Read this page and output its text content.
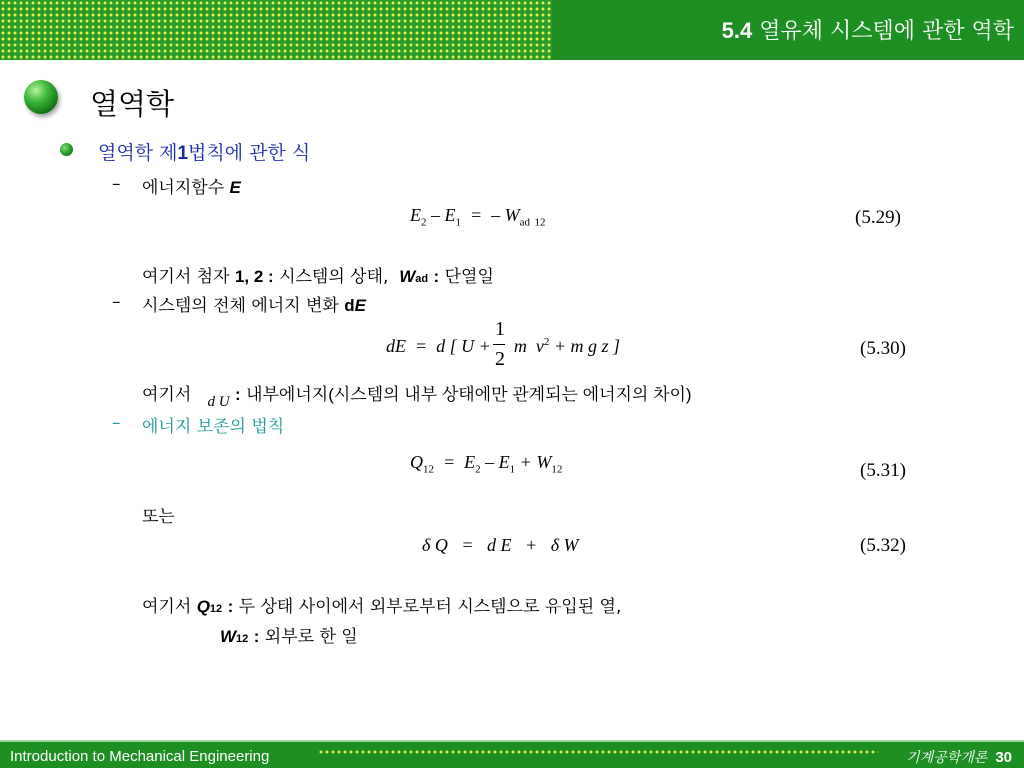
5.4 열유체 시스템에 관한 역학
열역학
열역학 제1법칙에 관한 식
– 에너지함수 E
$E_2 - E_1$ = – $W_{ad}$ $_{12}$	(5.29)
여기서 첨자 1, 2 : 시스템의 상태, Wad : 단열일
– 시스템의 전체 에너지 변화 dE
dE = d [ U + m $v^2 + m$ g z ]
1
2	(5.30)
여기서 d U : 내부에너지(시스템의 내부 상태에만 관계되는 에너지의 차이)
– 에너지 보존의 법칙
$Q_{12} = E_2 - E_1 + W_{12}$	(5.31)
또는
δ Q = d E + δ W	(5.32)
여기서 Q12 : 두 상태 사이에서 외부로부터 시스템으로 유입된 열,
W12 : 외부로 한 일
Introduction to Mechanical Engineering	기계공학개론 30
